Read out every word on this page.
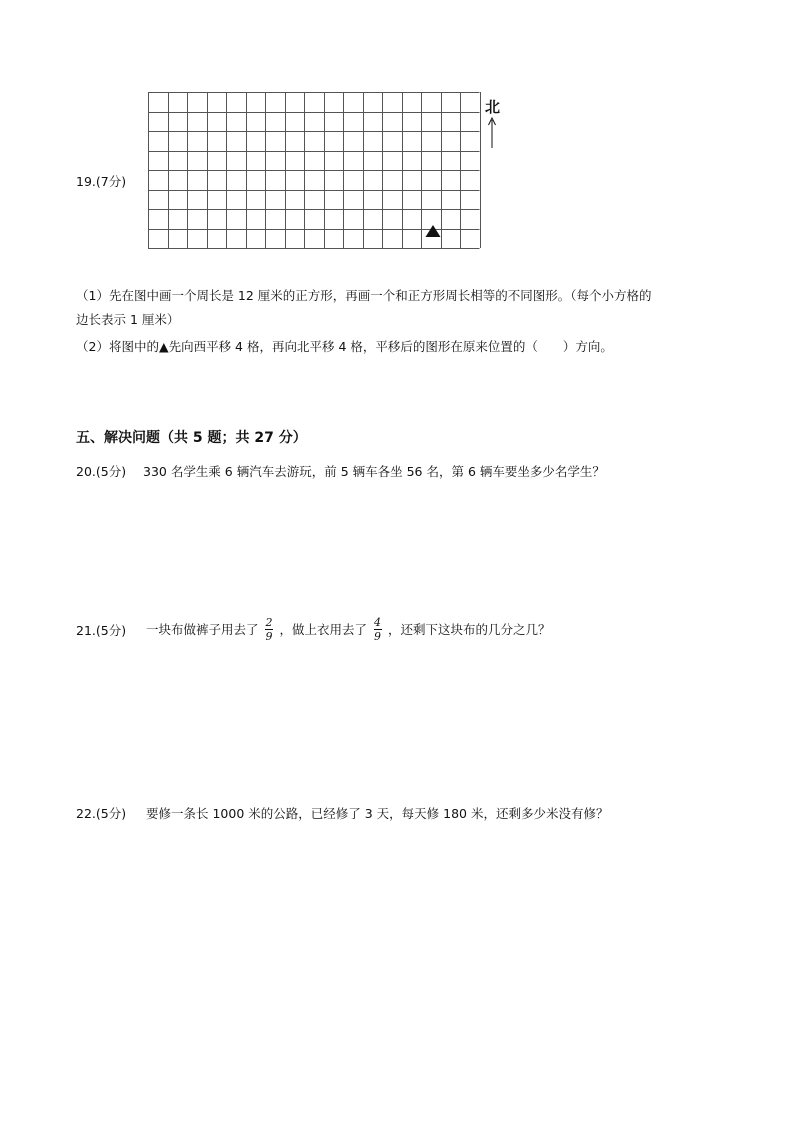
19.(7分)
北
（1）先在图中画一个周长是 12 厘米的正方形，再画一个和正方形周长相等的不同图形。（每个小方格的
边长表示 1 厘米）
（2）将图中的▲先向西平移 4 格，再向北平移 4 格，平移后的图形在原来位置的（　　）方向。
五、解决问题（共 5 题；共 27 分）
20.(5分) 330 名学生乘 6 辆汽车去游玩，前 5 辆车各坐 56 名，第 6 辆车要坐多少名学生？
21.(5分) 一块布做裤子用去了 $\frac{2}{9}$ ，做上衣用去了 $\frac{4}{9}$ ，还剩下这块布的几分之几？
22.(5分) 要修一条长 1000 米的公路，已经修了 3 天，每天修 180 米，还剩多少米没有修？
